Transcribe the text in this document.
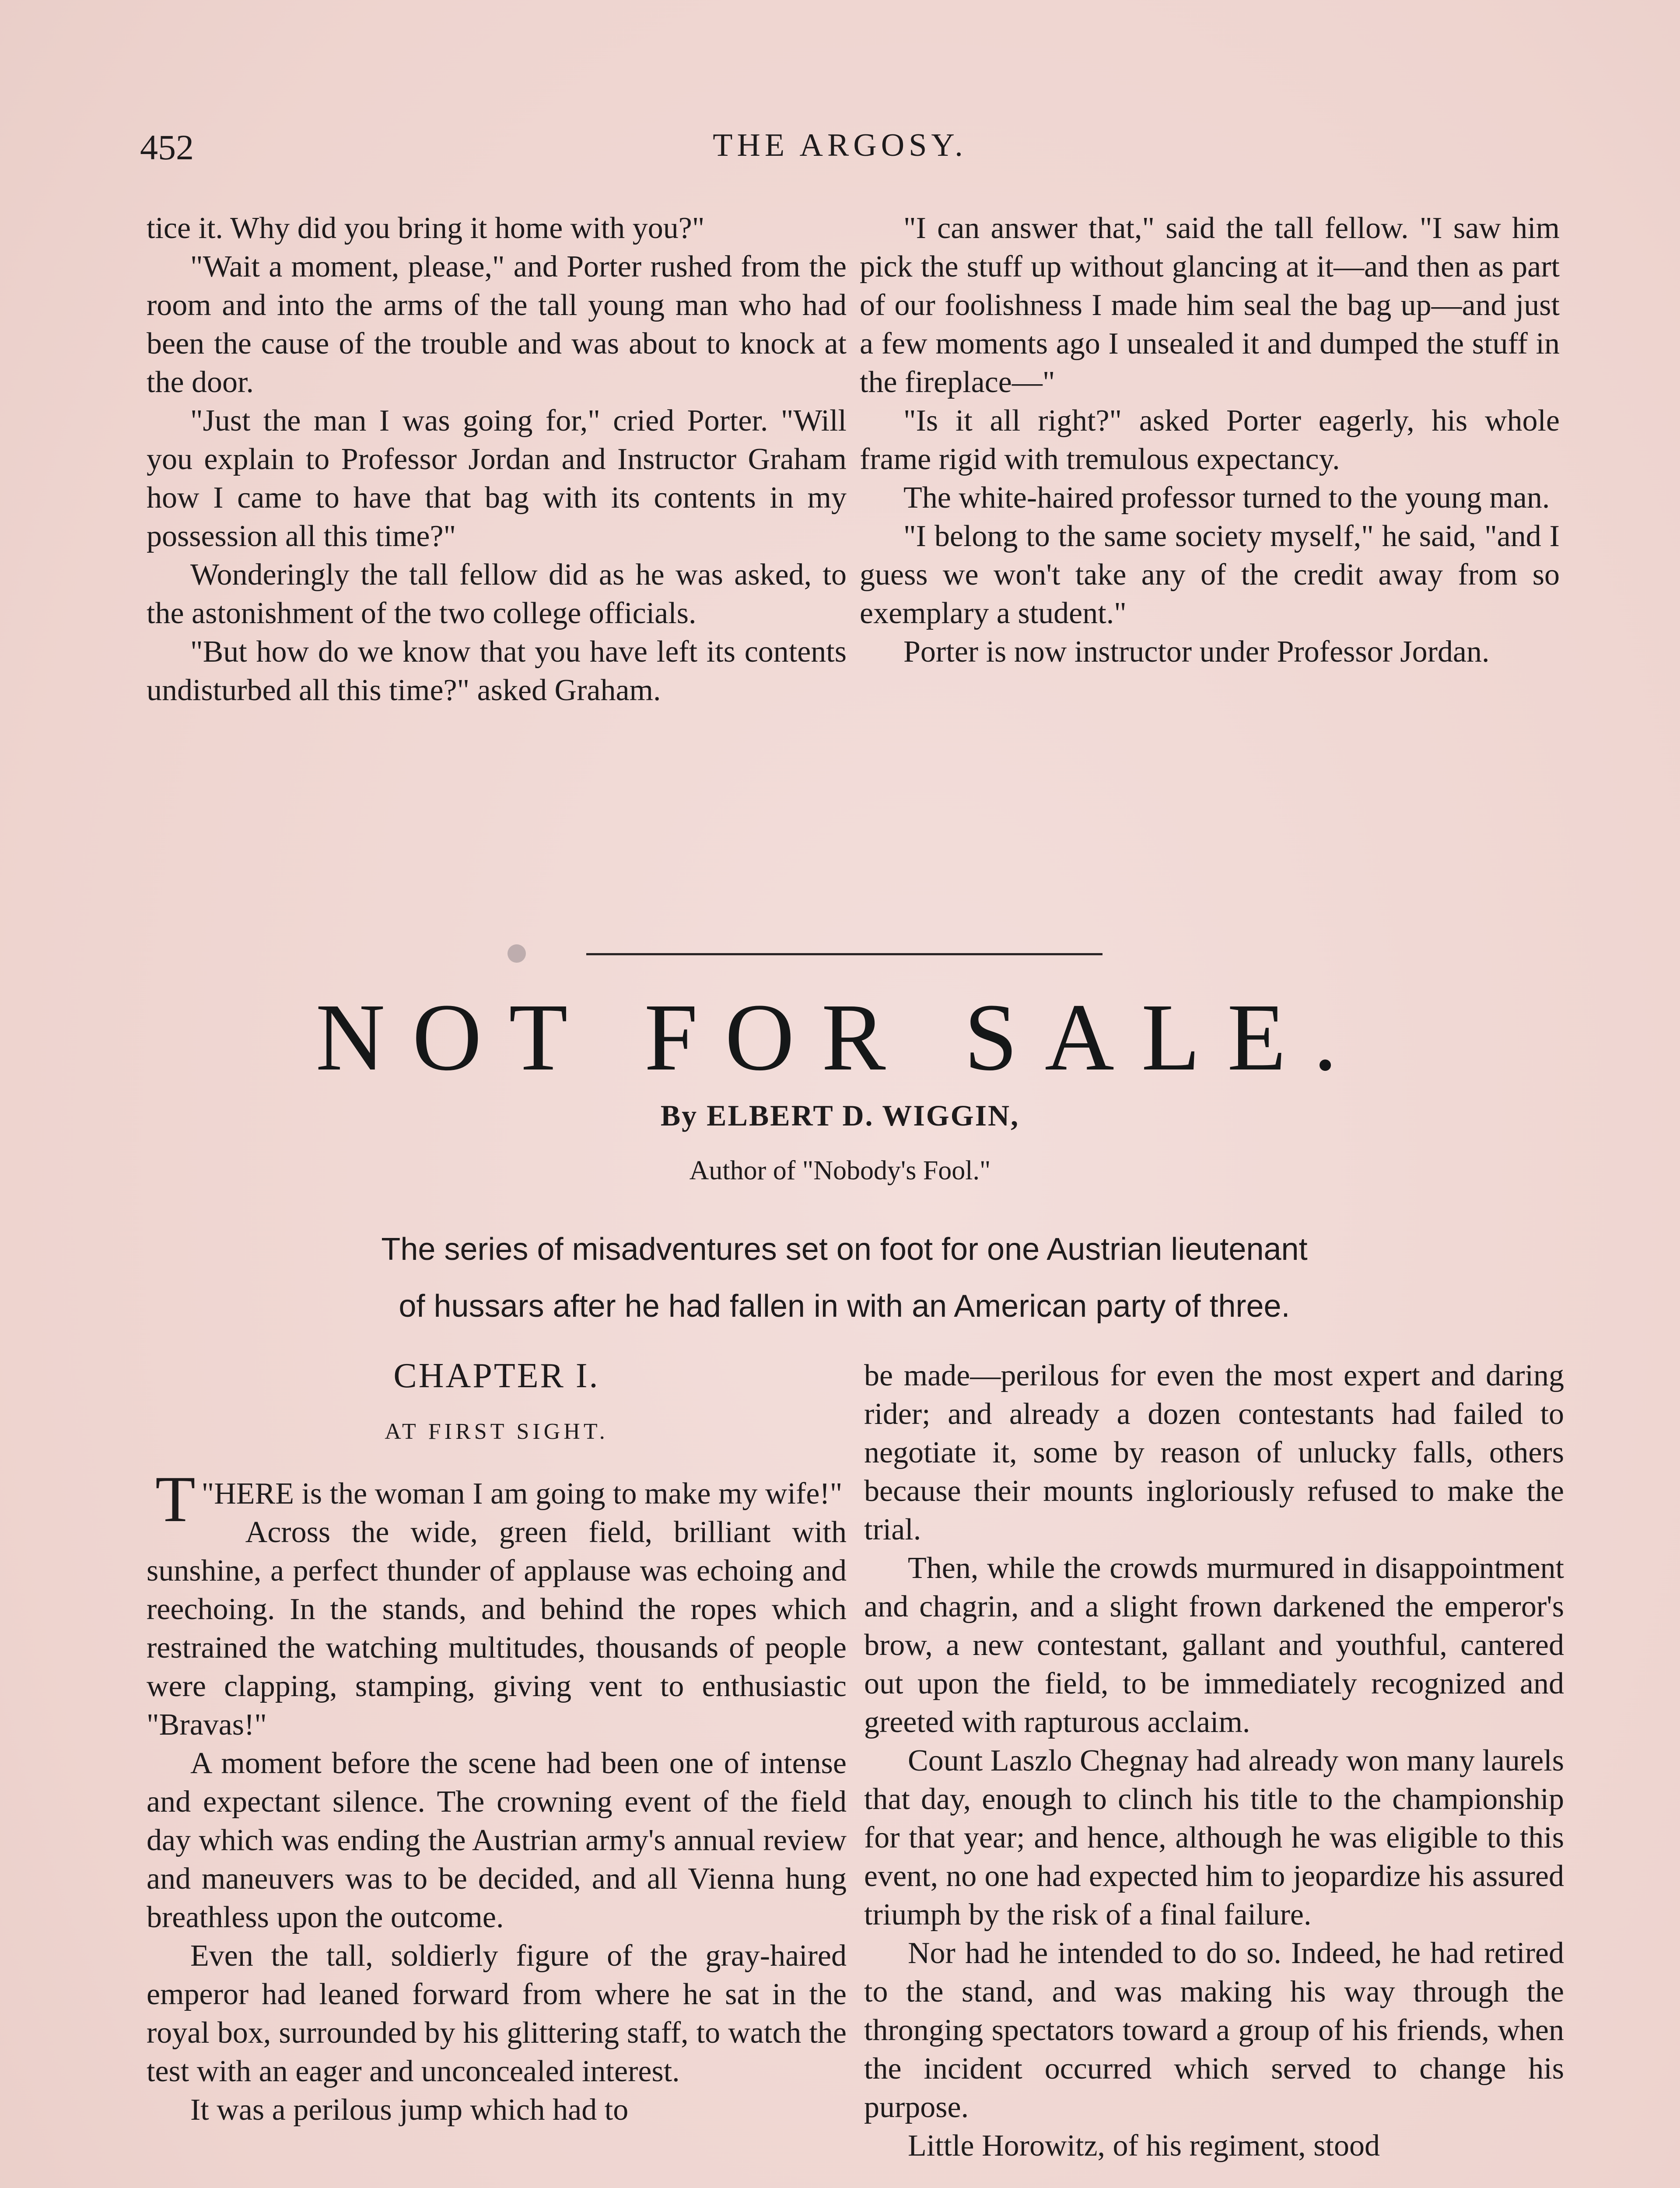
452	THE ARGOSY.

tice it. Why did you bring it home with you?"

"Wait a moment, please," and Porter rushed from the room and into the arms of the tall young man who had been the cause of the trouble and was about to knock at the door.

"Just the man I was going for," cried Porter. "Will you explain to Professor Jordan and Instructor Graham how I came to have that bag with its contents in my possession all this time?"

Wonderingly the tall fellow did as he was asked, to the astonishment of the two college officials.

"But how do we know that you have left its contents undisturbed all this time?" asked Graham.

"I can answer that," said the tall fellow. "I saw him pick the stuff up without glancing at it—and then as part of our foolishness I made him seal the bag up—and just a few moments ago I unsealed it and dumped the stuff in the fireplace—"

"Is it all right?" asked Porter eagerly, his whole frame rigid with tremulous expectancy.

The white-haired professor turned to the young man.

"I belong to the same society myself," he said, "and I guess we won't take any of the credit away from so exemplary a student."

Porter is now instructor under Professor Jordan.

NOT FOR SALE.
By ELBERT D. WIGGIN,
Author of "Nobody's Fool."
The series of misadventures set on foot for one Austrian lieutenant
of hussars after he had fallen in with an American party of three.
CHAPTER I.
AT FIRST SIGHT.

"
T HERE is the woman I am going to make my wife!"

Across the wide, green field, brilliant with sunshine, a perfect thunder of applause was echoing and reechoing. In the stands, and behind the ropes which restrained the watching multitudes, thousands of people were clapping, stamping, giving vent to enthusiastic "Bravas!"

A moment before the scene had been one of intense and expectant silence. The crowning event of the field day which was ending the Austrian army's annual review and maneuvers was to be decided, and all Vienna hung breathless upon the outcome.

Even the tall, soldierly figure of the gray-haired emperor had leaned forward from where he sat in the royal box, surrounded by his glittering staff, to watch the test with an eager and unconcealed interest.

It was a perilous jump which had to

be made—perilous for even the most expert and daring rider; and already a dozen contestants had failed to negotiate it, some by reason of unlucky falls, others because their mounts ingloriously refused to make the trial.

Then, while the crowds murmured in disappointment and chagrin, and a slight frown darkened the emperor's brow, a new contestant, gallant and youthful, cantered out upon the field, to be immediately recognized and greeted with rapturous acclaim.

Count Laszlo Chegnay had already won many laurels that day, enough to clinch his title to the championship for that year; and hence, although he was eligible to this event, no one had expected him to jeopardize his assured triumph by the risk of a final failure.

Nor had he intended to do so. Indeed, he had retired to the stand, and was making his way through the thronging spectators toward a group of his friends, when the incident occurred which served to change his purpose.

Little Horowitz, of his regiment, stood
